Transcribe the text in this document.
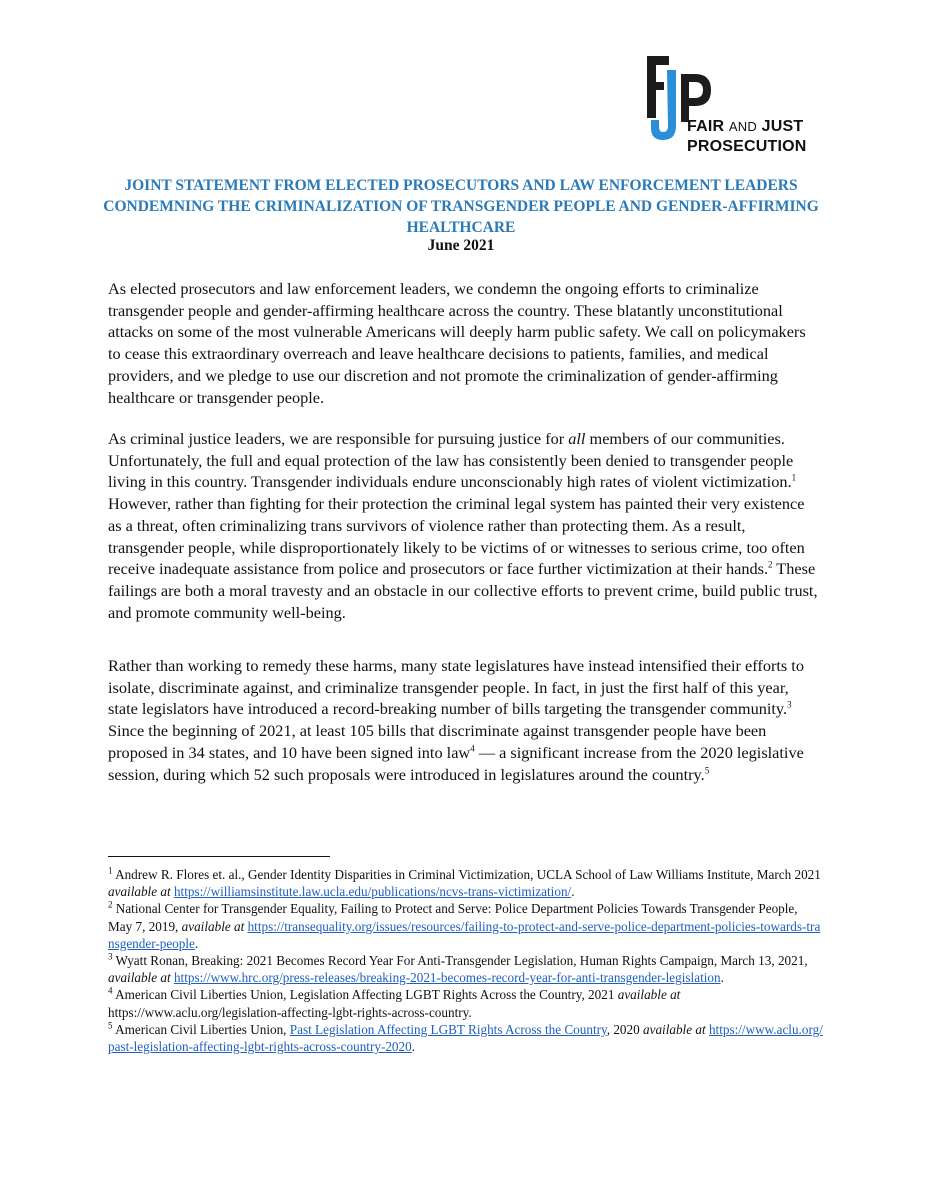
FAIR AND JUST
PROSECUTION
JOINT STATEMENT FROM ELECTED PROSECUTORS AND LAW ENFORCEMENT LEADERS CONDEMNING THE CRIMINALIZATION OF TRANSGENDER PEOPLE AND GENDER-AFFIRMING HEALTHCARE
June 2021

As elected prosecutors and law enforcement leaders, we condemn the ongoing efforts to criminalize transgender people and gender-affirming healthcare across the country. These blatantly unconstitutional attacks on some of the most vulnerable Americans will deeply harm public safety. We call on policymakers to cease this extraordinary overreach and leave healthcare decisions to patients, families, and medical providers, and we pledge to use our discretion and not promote the criminalization of gender-affirming healthcare or transgender people.

As criminal justice leaders, we are responsible for pursuing justice for all members of our communities. Unfortunately, the full and equal protection of the law has consistently been denied to transgender people living in this country. Transgender individuals endure unconscionably high rates of violent victimization.$^1$ However, rather than fighting for their protection the criminal legal system has painted their very existence as a threat, often criminalizing trans survivors of violence rather than protecting them. As a result, transgender people, while disproportionately likely to be victims of or witnesses to serious crime, too often receive inadequate assistance from police and prosecutors or face further victimization at their hands.$^2$ These failings are both a moral travesty and an obstacle in our collective efforts to prevent crime, build public trust, and promote community well-being.

Rather than working to remedy these harms, many state legislatures have instead intensified their efforts to isolate, discriminate against, and criminalize transgender people. In fact, in just the first half of this year, state legislators have introduced a record-breaking number of bills targeting the transgender community.$^3$ Since the beginning of 2021, at least 105 bills that discriminate against transgender people have been proposed in 34 states, and 10 have been signed into law$^4$ — a significant increase from the 2020 legislative session, during which 52 such proposals were introduced in legislatures around the country.$^5$

$^1$ Andrew R. Flores et. al., Gender Identity Disparities in Criminal Victimization, UCLA School of Law Williams Institute, March 2021 available at https://williamsinstitute.law.ucla.edu/publications/ncvs-trans-victimization/.

$^2$ National Center for Transgender Equality, Failing to Protect and Serve: Police Department Policies Towards Transgender People, May 7, 2019, available at https://transequality.org/issues/resources/failing-to-protect-and-serve-police-department-policies-towards-transgender-people.

$^3$ Wyatt Ronan, Breaking: 2021 Becomes Record Year For Anti-Transgender Legislation, Human Rights Campaign, March 13, 2021, available at https://www.hrc.org/press-releases/breaking-2021-becomes-record-year-for-anti-transgender-legislation.

$^4$ American Civil Liberties Union, Legislation Affecting LGBT Rights Across the Country, 2021 available at https://www.aclu.org/legislation-affecting-lgbt-rights-across-country.

$^5$ American Civil Liberties Union, Past Legislation Affecting LGBT Rights Across the Country, 2020 available at https://www.aclu.org/past-legislation-affecting-lgbt-rights-across-country-2020.
